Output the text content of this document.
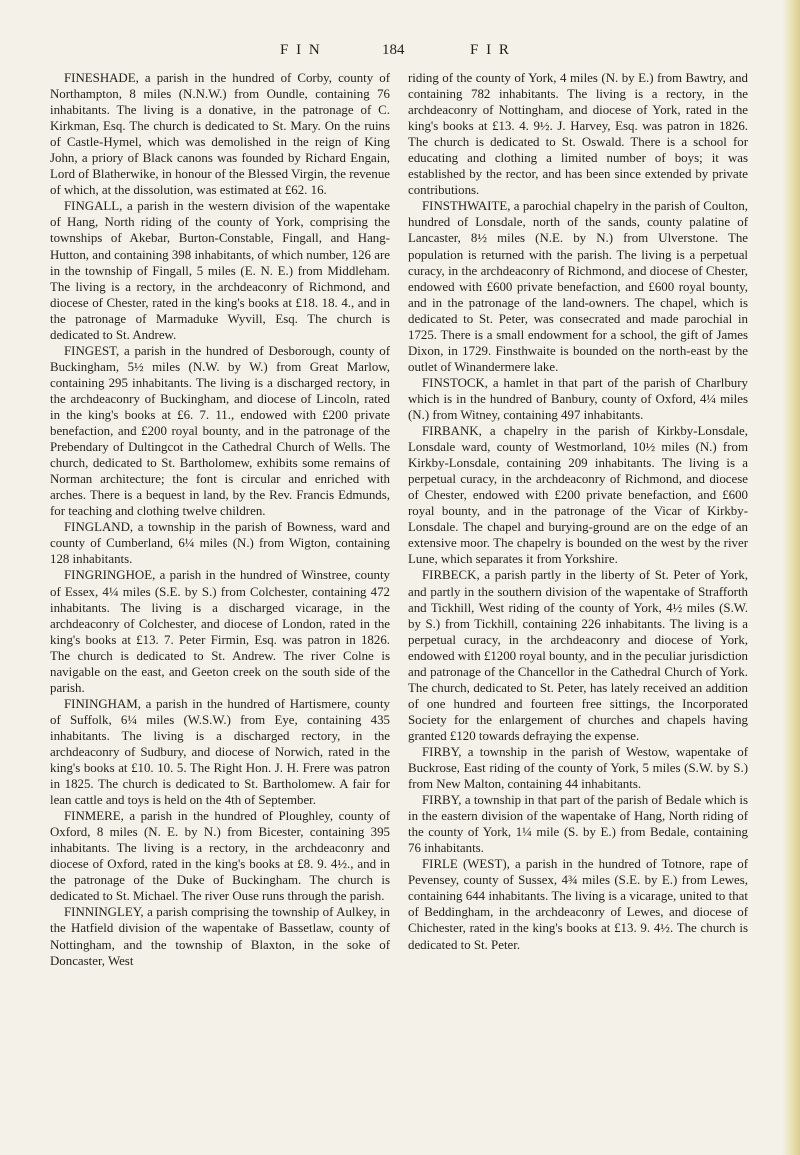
F I N	184	F I R

FINESHADE, a parish in the hundred of Corby, county of Northampton, 8 miles (N.N.W.) from Oundle, containing 76 inhabitants. The living is a donative, in the patronage of C. Kirkman, Esq. The church is dedicated to St. Mary. On the ruins of Castle-Hymel, which was demolished in the reign of King John, a priory of Black canons was founded by Richard Engain, Lord of Blatherwike, in honour of the Blessed Virgin, the revenue of which, at the dissolution, was estimated at £62. 16.

FINGALL, a parish in the western division of the wapentake of Hang, North riding of the county of York, comprising the townships of Akebar, Burton-Constable, Fingall, and Hang-Hutton, and containing 398 inhabitants, of which number, 126 are in the township of Fingall, 5 miles (E. N. E.) from Middleham. The living is a rectory, in the archdeaconry of Richmond, and diocese of Chester, rated in the king's books at £18. 18. 4., and in the patronage of Marmaduke Wyvill, Esq. The church is dedicated to St. Andrew.

FINGEST, a parish in the hundred of Desborough, county of Buckingham, 5½ miles (N.W. by W.) from Great Marlow, containing 295 inhabitants. The living is a discharged rectory, in the archdeaconry of Buckingham, and diocese of Lincoln, rated in the king's books at £6. 7. 11., endowed with £200 private benefaction, and £200 royal bounty, and in the patronage of the Prebendary of Dultingcot in the Cathedral Church of Wells. The church, dedicated to St. Bartholomew, exhibits some remains of Norman architecture; the font is circular and enriched with arches. There is a bequest in land, by the Rev. Francis Edmunds, for teaching and clothing twelve children.

FINGLAND, a township in the parish of Bowness, ward and county of Cumberland, 6¼ miles (N.) from Wigton, containing 128 inhabitants.

FINGRINGHOE, a parish in the hundred of Winstree, county of Essex, 4¼ miles (S.E. by S.) from Colchester, containing 472 inhabitants. The living is a discharged vicarage, in the archdeaconry of Colchester, and diocese of London, rated in the king's books at £13. 7. Peter Firmin, Esq. was patron in 1826. The church is dedicated to St. Andrew. The river Colne is navigable on the east, and Geeton creek on the south side of the parish.

FININGHAM, a parish in the hundred of Hartismere, county of Suffolk, 6¼ miles (W.S.W.) from Eye, containing 435 inhabitants. The living is a discharged rectory, in the archdeaconry of Sudbury, and diocese of Norwich, rated in the king's books at £10. 10. 5. The Right Hon. J. H. Frere was patron in 1825. The church is dedicated to St. Bartholomew. A fair for lean cattle and toys is held on the 4th of September.

FINMERE, a parish in the hundred of Ploughley, county of Oxford, 8 miles (N. E. by N.) from Bicester, containing 395 inhabitants. The living is a rectory, in the archdeaconry and diocese of Oxford, rated in the king's books at £8. 9. 4½., and in the patronage of the Duke of Buckingham. The church is dedicated to St. Michael. The river Ouse runs through the parish.

FINNINGLEY, a parish comprising the township of Aulkey, in the Hatfield division of the wapentake of Bassetlaw, county of Nottingham, and the township of Blaxton, in the soke of Doncaster, West

riding of the county of York, 4 miles (N. by E.) from Bawtry, and containing 782 inhabitants. The living is a rectory, in the archdeaconry of Nottingham, and diocese of York, rated in the king's books at £13. 4. 9½. J. Harvey, Esq. was patron in 1826. The church is dedicated to St. Oswald. There is a school for educating and clothing a limited number of boys; it was established by the rector, and has been since extended by private contributions.

FINSTHWAITE, a parochial chapelry in the parish of Coulton, hundred of Lonsdale, north of the sands, county palatine of Lancaster, 8½ miles (N.E. by N.) from Ulverstone. The population is returned with the parish. The living is a perpetual curacy, in the archdeaconry of Richmond, and diocese of Chester, endowed with £600 private benefaction, and £600 royal bounty, and in the patronage of the land-owners. The chapel, which is dedicated to St. Peter, was consecrated and made parochial in 1725. There is a small endowment for a school, the gift of James Dixon, in 1729. Finsthwaite is bounded on the north-east by the outlet of Winandermere lake.

FINSTOCK, a hamlet in that part of the parish of Charlbury which is in the hundred of Banbury, county of Oxford, 4¼ miles (N.) from Witney, containing 497 inhabitants.

FIRBANK, a chapelry in the parish of Kirkby-Lonsdale, Lonsdale ward, county of Westmorland, 10½ miles (N.) from Kirkby-Lonsdale, containing 209 inhabitants. The living is a perpetual curacy, in the archdeaconry of Richmond, and diocese of Chester, endowed with £200 private benefaction, and £600 royal bounty, and in the patronage of the Vicar of Kirkby-Lonsdale. The chapel and burying-ground are on the edge of an extensive moor. The chapelry is bounded on the west by the river Lune, which separates it from Yorkshire.

FIRBECK, a parish partly in the liberty of St. Peter of York, and partly in the southern division of the wapentake of Strafforth and Tickhill, West riding of the county of York, 4½ miles (S.W. by S.) from Tickhill, containing 226 inhabitants. The living is a perpetual curacy, in the archdeaconry and diocese of York, endowed with £1200 royal bounty, and in the peculiar jurisdiction and patronage of the Chancellor in the Cathedral Church of York. The church, dedicated to St. Peter, has lately received an addition of one hundred and fourteen free sittings, the Incorporated Society for the enlargement of churches and chapels having granted £120 towards defraying the expense.

FIRBY, a township in the parish of Westow, wapentake of Buckrose, East riding of the county of York, 5 miles (S.W. by S.) from New Malton, containing 44 inhabitants.

FIRBY, a township in that part of the parish of Bedale which is in the eastern division of the wapentake of Hang, North riding of the county of York, 1¼ mile (S. by E.) from Bedale, containing 76 inhabitants.

FIRLE (WEST), a parish in the hundred of Totnore, rape of Pevensey, county of Sussex, 4¾ miles (S.E. by E.) from Lewes, containing 644 inhabitants. The living is a vicarage, united to that of Beddingham, in the archdeaconry of Lewes, and diocese of Chichester, rated in the king's books at £13. 9. 4½. The church is dedicated to St. Peter.
